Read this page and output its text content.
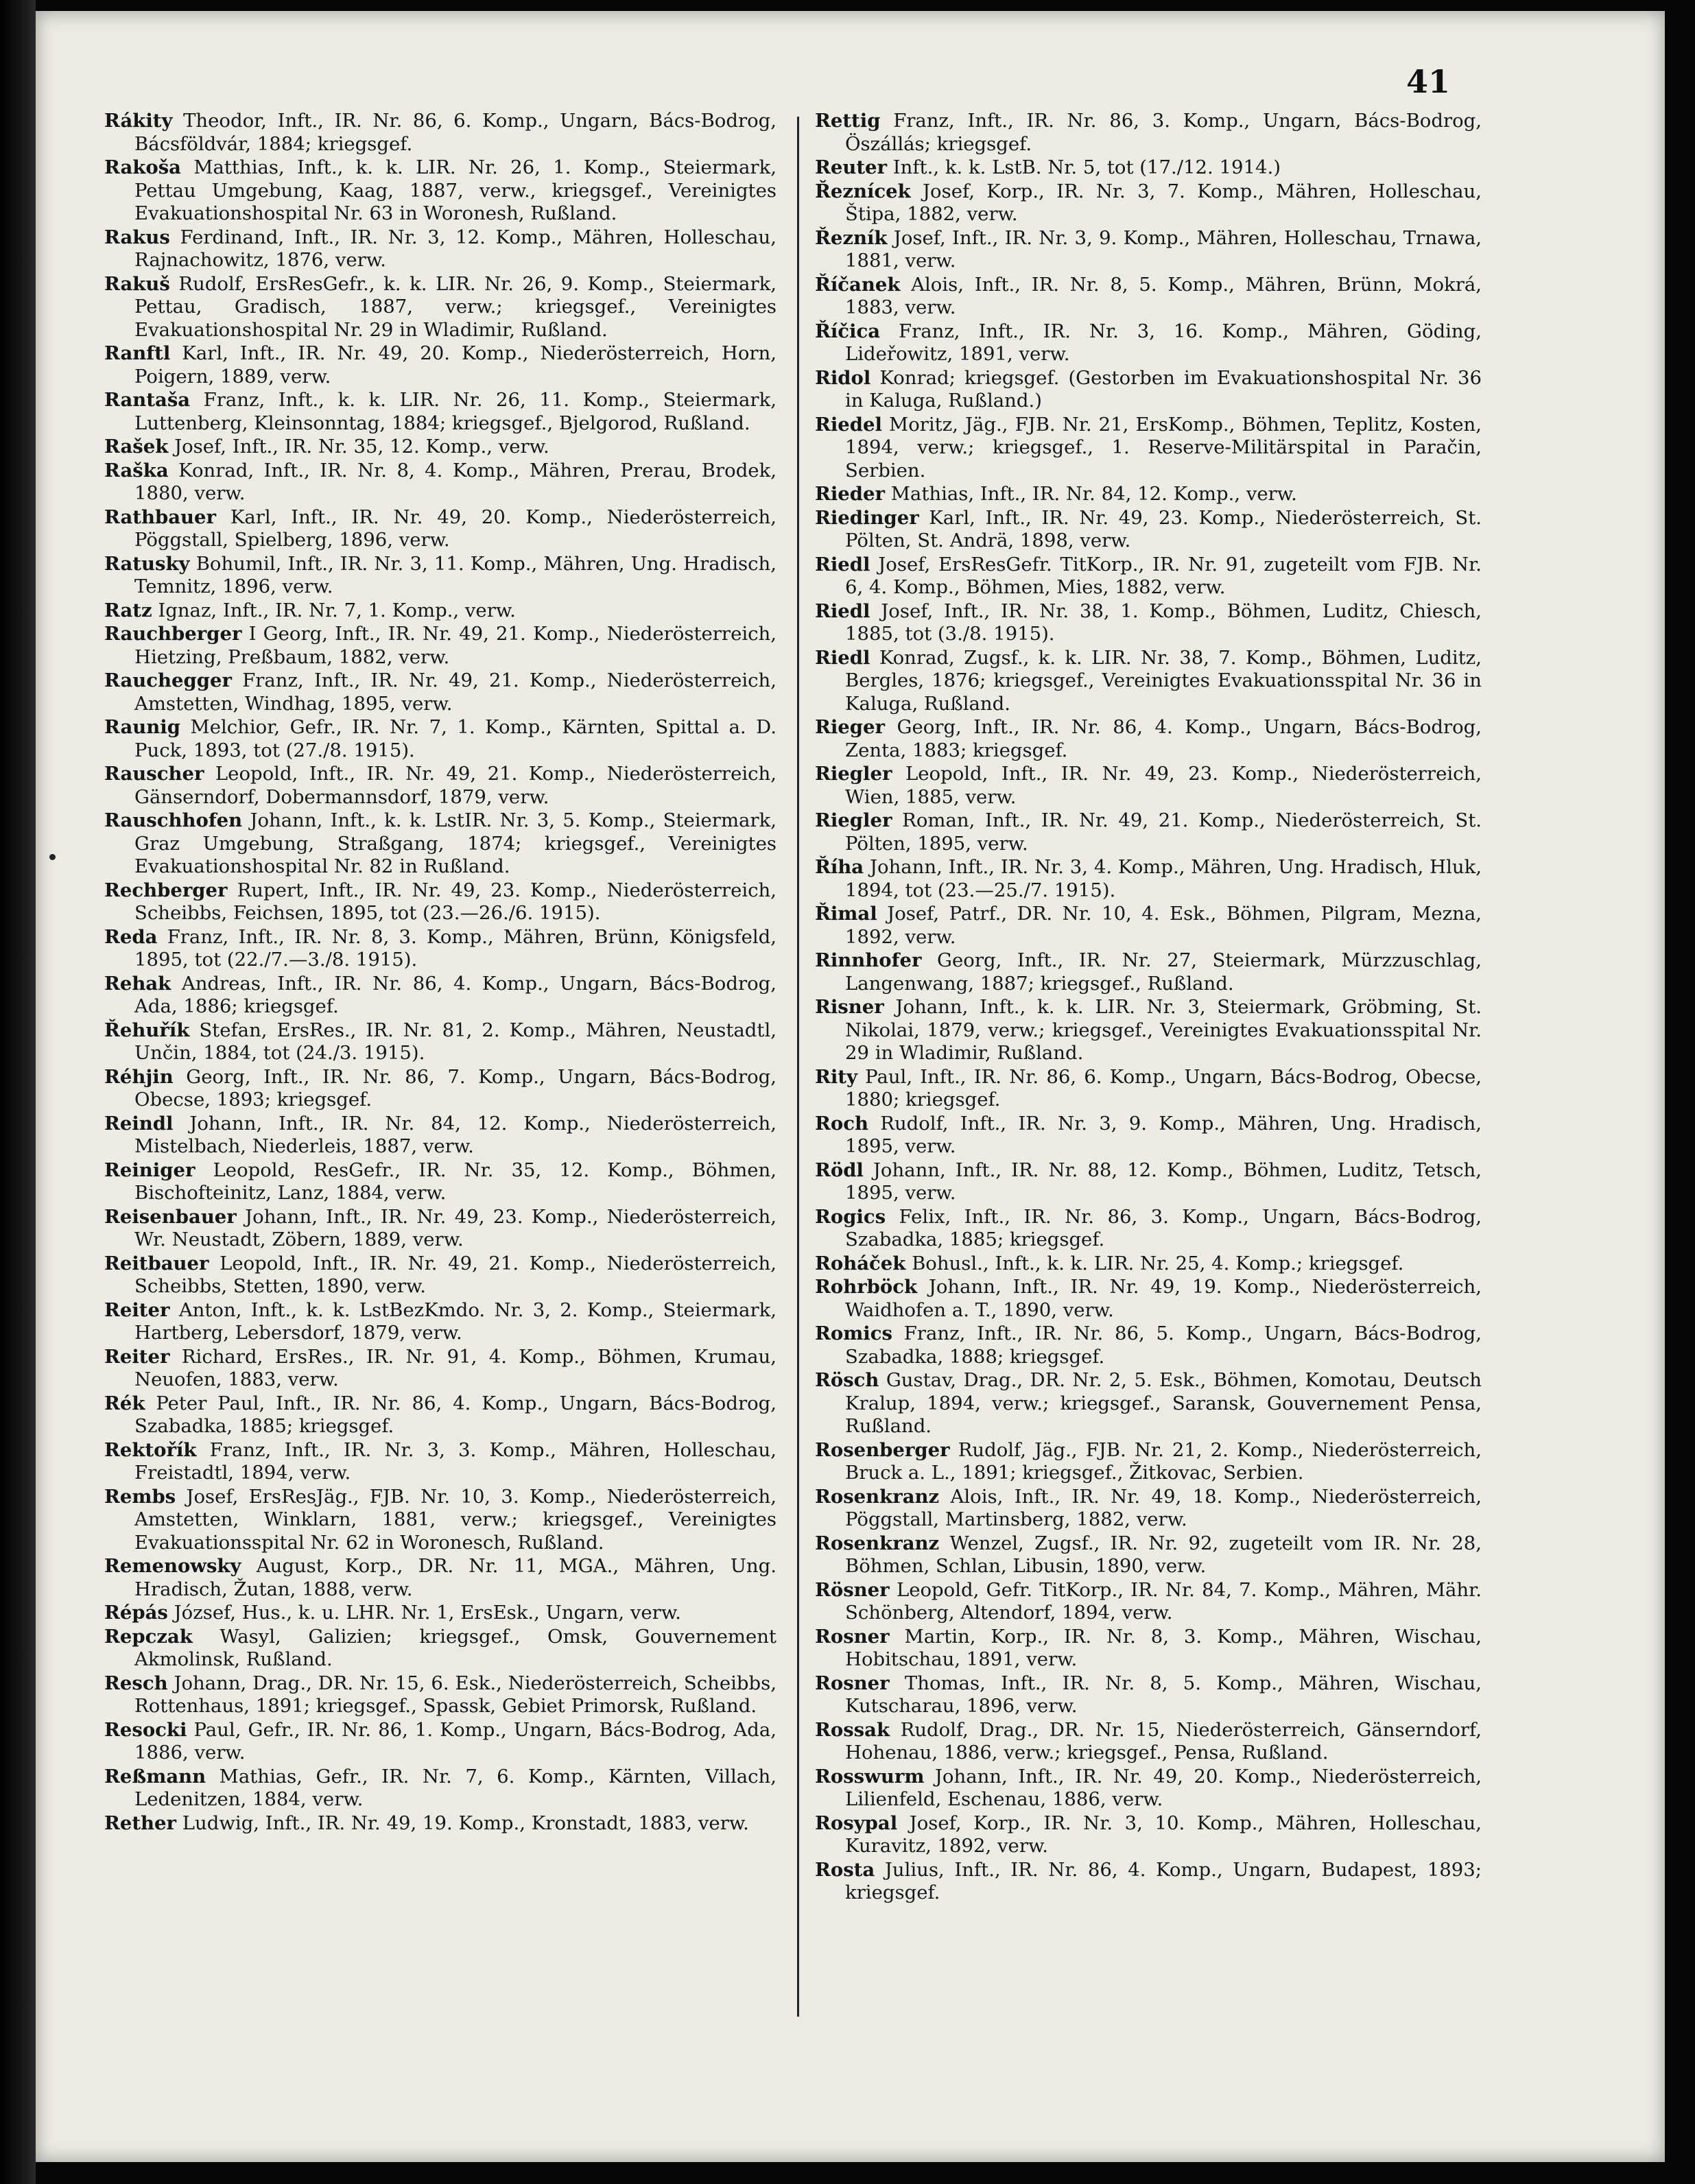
41

Rákity Theodor, Inft., IR. Nr. 86, 6. Komp., Ungarn, Bács-Bodrog, Bácsföldvár, 1884; kriegsgef.

Rakoša Matthias, Inft., k. k. LIR. Nr. 26, 1. Komp., Steiermark, Pettau Umgebung, Kaag, 1887, verw., kriegsgef., Vereinigtes Evakuationshospital Nr. 63 in Woronesh, Rußland.

Rakus Ferdinand, Inft., IR. Nr. 3, 12. Komp., Mähren, Holleschau, Rajnachowitz, 1876, verw.

Rakuš Rudolf, ErsResGefr., k. k. LIR. Nr. 26, 9. Komp., Steiermark, Pettau, Gradisch, 1887, verw.; kriegsgef., Vereinigtes Evakuationshospital Nr. 29 in Wladimir, Rußland.

Ranftl Karl, Inft., IR. Nr. 49, 20. Komp., Niederösterreich, Horn, Poigern, 1889, verw.

Rantaša Franz, Inft., k. k. LIR. Nr. 26, 11. Komp., Steiermark, Luttenberg, Kleinsonntag, 1884; kriegsgef., Bjelgorod, Rußland.

Rašek Josef, Inft., IR. Nr. 35, 12. Komp., verw.

Raška Konrad, Inft., IR. Nr. 8, 4. Komp., Mähren, Prerau, Brodek, 1880, verw.

Rathbauer Karl, Inft., IR. Nr. 49, 20. Komp., Niederösterreich, Pöggstall, Spielberg, 1896, verw.

Ratusky Bohumil, Inft., IR. Nr. 3, 11. Komp., Mähren, Ung. Hradisch, Temnitz, 1896, verw.

Ratz Ignaz, Inft., IR. Nr. 7, 1. Komp., verw.

Rauchberger I Georg, Inft., IR. Nr. 49, 21. Komp., Niederösterreich, Hietzing, Preßbaum, 1882, verw.

Rauchegger Franz, Inft., IR. Nr. 49, 21. Komp., Niederösterreich, Amstetten, Windhag, 1895, verw.

Raunig Melchior, Gefr., IR. Nr. 7, 1. Komp., Kärnten, Spittal a. D. Puck, 1893, tot (27./8. 1915).

Rauscher Leopold, Inft., IR. Nr. 49, 21. Komp., Niederösterreich, Gänserndorf, Dobermannsdorf, 1879, verw.

Rauschhofen Johann, Inft., k. k. LstIR. Nr. 3, 5. Komp., Steiermark, Graz Umgebung, Straßgang, 1874; kriegsgef., Vereinigtes Evakuationshospital Nr. 82 in Rußland.

Rechberger Rupert, Inft., IR. Nr. 49, 23. Komp., Niederösterreich, Scheibbs, Feichsen, 1895, tot (23.—26./6. 1915).

Reda Franz, Inft., IR. Nr. 8, 3. Komp., Mähren, Brünn, Königsfeld, 1895, tot (22./7.—3./8. 1915).

Rehak Andreas, Inft., IR. Nr. 86, 4. Komp., Ungarn, Bács-Bodrog, Ada, 1886; kriegsgef.

Řehuřík Stefan, ErsRes., IR. Nr. 81, 2. Komp., Mähren, Neustadtl, Unčin, 1884, tot (24./3. 1915).

Réhjin Georg, Inft., IR. Nr. 86, 7. Komp., Ungarn, Bács-Bodrog, Obecse, 1893; kriegsgef.

Reindl Johann, Inft., IR. Nr. 84, 12. Komp., Niederösterreich, Mistelbach, Niederleis, 1887, verw.

Reiniger Leopold, ResGefr., IR. Nr. 35, 12. Komp., Böhmen, Bischofteinitz, Lanz, 1884, verw.

Reisenbauer Johann, Inft., IR. Nr. 49, 23. Komp., Niederösterreich, Wr. Neustadt, Zöbern, 1889, verw.

Reitbauer Leopold, Inft., IR. Nr. 49, 21. Komp., Niederösterreich, Scheibbs, Stetten, 1890, verw.

Reiter Anton, Inft., k. k. LstBezKmdo. Nr. 3, 2. Komp., Steiermark, Hartberg, Lebersdorf, 1879, verw.

Reiter Richard, ErsRes., IR. Nr. 91, 4. Komp., Böhmen, Krumau, Neuofen, 1883, verw.

Rék Peter Paul, Inft., IR. Nr. 86, 4. Komp., Ungarn, Bács-Bodrog, Szabadka, 1885; kriegsgef.

Rektořík Franz, Inft., IR. Nr. 3, 3. Komp., Mähren, Holleschau, Freistadtl, 1894, verw.

Rembs Josef, ErsResJäg., FJB. Nr. 10, 3. Komp., Niederösterreich, Amstetten, Winklarn, 1881, verw.; kriegsgef., Vereinigtes Evakuationsspital Nr. 62 in Woronesch, Rußland.

Remenowsky August, Korp., DR. Nr. 11, MGA., Mähren, Ung. Hradisch, Žutan, 1888, verw.

Répás József, Hus., k. u. LHR. Nr. 1, ErsEsk., Ungarn, verw.

Repczak Wasyl, Galizien; kriegsgef., Omsk, Gouvernement Akmolinsk, Rußland.

Resch Johann, Drag., DR. Nr. 15, 6. Esk., Niederösterreich, Scheibbs, Rottenhaus, 1891; kriegsgef., Spassk, Gebiet Primorsk, Rußland.

Resocki Paul, Gefr., IR. Nr. 86, 1. Komp., Ungarn, Bács-Bodrog, Ada, 1886, verw.

Reßmann Mathias, Gefr., IR. Nr. 7, 6. Komp., Kärnten, Villach, Ledenitzen, 1884, verw.

Rether Ludwig, Inft., IR. Nr. 49, 19. Komp., Kronstadt, 1883, verw.

Rettig Franz, Inft., IR. Nr. 86, 3. Komp., Ungarn, Bács-Bodrog, Öszállás; kriegsgef.

Reuter Inft., k. k. LstB. Nr. 5, tot (17./12. 1914.)

Řeznícek Josef, Korp., IR. Nr. 3, 7. Komp., Mähren, Holleschau, Štipa, 1882, verw.

Řezník Josef, Inft., IR. Nr. 3, 9. Komp., Mähren, Holleschau, Trnawa, 1881, verw.

Říčanek Alois, Inft., IR. Nr. 8, 5. Komp., Mähren, Brünn, Mokrá, 1883, verw.

Říčica Franz, Inft., IR. Nr. 3, 16. Komp., Mähren, Göding, Lideřowitz, 1891, verw.

Ridol Konrad; kriegsgef. (Gestorben im Evakuationshospital Nr. 36 in Kaluga, Rußland.)

Riedel Moritz, Jäg., FJB. Nr. 21, ErsKomp., Böhmen, Teplitz, Kosten, 1894, verw.; kriegsgef., 1. Reserve-Militärspital in Paračin, Serbien.

Rieder Mathias, Inft., IR. Nr. 84, 12. Komp., verw.

Riedinger Karl, Inft., IR. Nr. 49, 23. Komp., Niederösterreich, St. Pölten, St. Andrä, 1898, verw.

Riedl Josef, ErsResGefr. TitKorp., IR. Nr. 91, zugeteilt vom FJB. Nr. 6, 4. Komp., Böhmen, Mies, 1882, verw.

Riedl Josef, Inft., IR. Nr. 38, 1. Komp., Böhmen, Luditz, Chiesch, 1885, tot (3./8. 1915).

Riedl Konrad, Zugsf., k. k. LIR. Nr. 38, 7. Komp., Böhmen, Luditz, Bergles, 1876; kriegsgef., Vereinigtes Evakuationsspital Nr. 36 in Kaluga, Rußland.

Rieger Georg, Inft., IR. Nr. 86, 4. Komp., Ungarn, Bács-Bodrog, Zenta, 1883; kriegsgef.

Riegler Leopold, Inft., IR. Nr. 49, 23. Komp., Niederösterreich, Wien, 1885, verw.

Riegler Roman, Inft., IR. Nr. 49, 21. Komp., Niederösterreich, St. Pölten, 1895, verw.

Říha Johann, Inft., IR. Nr. 3, 4. Komp., Mähren, Ung. Hradisch, Hluk, 1894, tot (23.—25./7. 1915).

Řimal Josef, Patrf., DR. Nr. 10, 4. Esk., Böhmen, Pilgram, Mezna, 1892, verw.

Rinnhofer Georg, Inft., IR. Nr. 27, Steiermark, Mürzzuschlag, Langenwang, 1887; kriegsgef., Rußland.

Risner Johann, Inft., k. k. LIR. Nr. 3, Steiermark, Gröbming, St. Nikolai, 1879, verw.; kriegsgef., Vereinigtes Evakuationsspital Nr. 29 in Wladimir, Rußland.

Rity Paul, Inft., IR. Nr. 86, 6. Komp., Ungarn, Bács-Bodrog, Obecse, 1880; kriegsgef.

Roch Rudolf, Inft., IR. Nr. 3, 9. Komp., Mähren, Ung. Hradisch, 1895, verw.

Rödl Johann, Inft., IR. Nr. 88, 12. Komp., Böhmen, Luditz, Tetsch, 1895, verw.

Rogics Felix, Inft., IR. Nr. 86, 3. Komp., Ungarn, Bács-Bodrog, Szabadka, 1885; kriegsgef.

Roháček Bohusl., Inft., k. k. LIR. Nr. 25, 4. Komp.; kriegsgef.

Rohrböck Johann, Inft., IR. Nr. 49, 19. Komp., Niederösterreich, Waidhofen a. T., 1890, verw.

Romics Franz, Inft., IR. Nr. 86, 5. Komp., Ungarn, Bács-Bodrog, Szabadka, 1888; kriegsgef.

Rösch Gustav, Drag., DR. Nr. 2, 5. Esk., Böhmen, Komotau, Deutsch Kralup, 1894, verw.; kriegsgef., Saransk, Gouvernement Pensa, Rußland.

Rosenberger Rudolf, Jäg., FJB. Nr. 21, 2. Komp., Niederösterreich, Bruck a. L., 1891; kriegsgef., Žitkovac, Serbien.

Rosenkranz Alois, Inft., IR. Nr. 49, 18. Komp., Niederösterreich, Pöggstall, Martinsberg, 1882, verw.

Rosenkranz Wenzel, Zugsf., IR. Nr. 92, zugeteilt vom IR. Nr. 28, Böhmen, Schlan, Libusin, 1890, verw.

Rösner Leopold, Gefr. TitKorp., IR. Nr. 84, 7. Komp., Mähren, Mähr. Schönberg, Altendorf, 1894, verw.

Rosner Martin, Korp., IR. Nr. 8, 3. Komp., Mähren, Wischau, Hobitschau, 1891, verw.

Rosner Thomas, Inft., IR. Nr. 8, 5. Komp., Mähren, Wischau, Kutscharau, 1896, verw.

Rossak Rudolf, Drag., DR. Nr. 15, Niederösterreich, Gänserndorf, Hohenau, 1886, verw.; kriegsgef., Pensa, Rußland.

Rosswurm Johann, Inft., IR. Nr. 49, 20. Komp., Niederösterreich, Lilienfeld, Eschenau, 1886, verw.

Rosypal Josef, Korp., IR. Nr. 3, 10. Komp., Mähren, Holleschau, Kuravitz, 1892, verw.

Rosta Julius, Inft., IR. Nr. 86, 4. Komp., Ungarn, Budapest, 1893; kriegsgef.
